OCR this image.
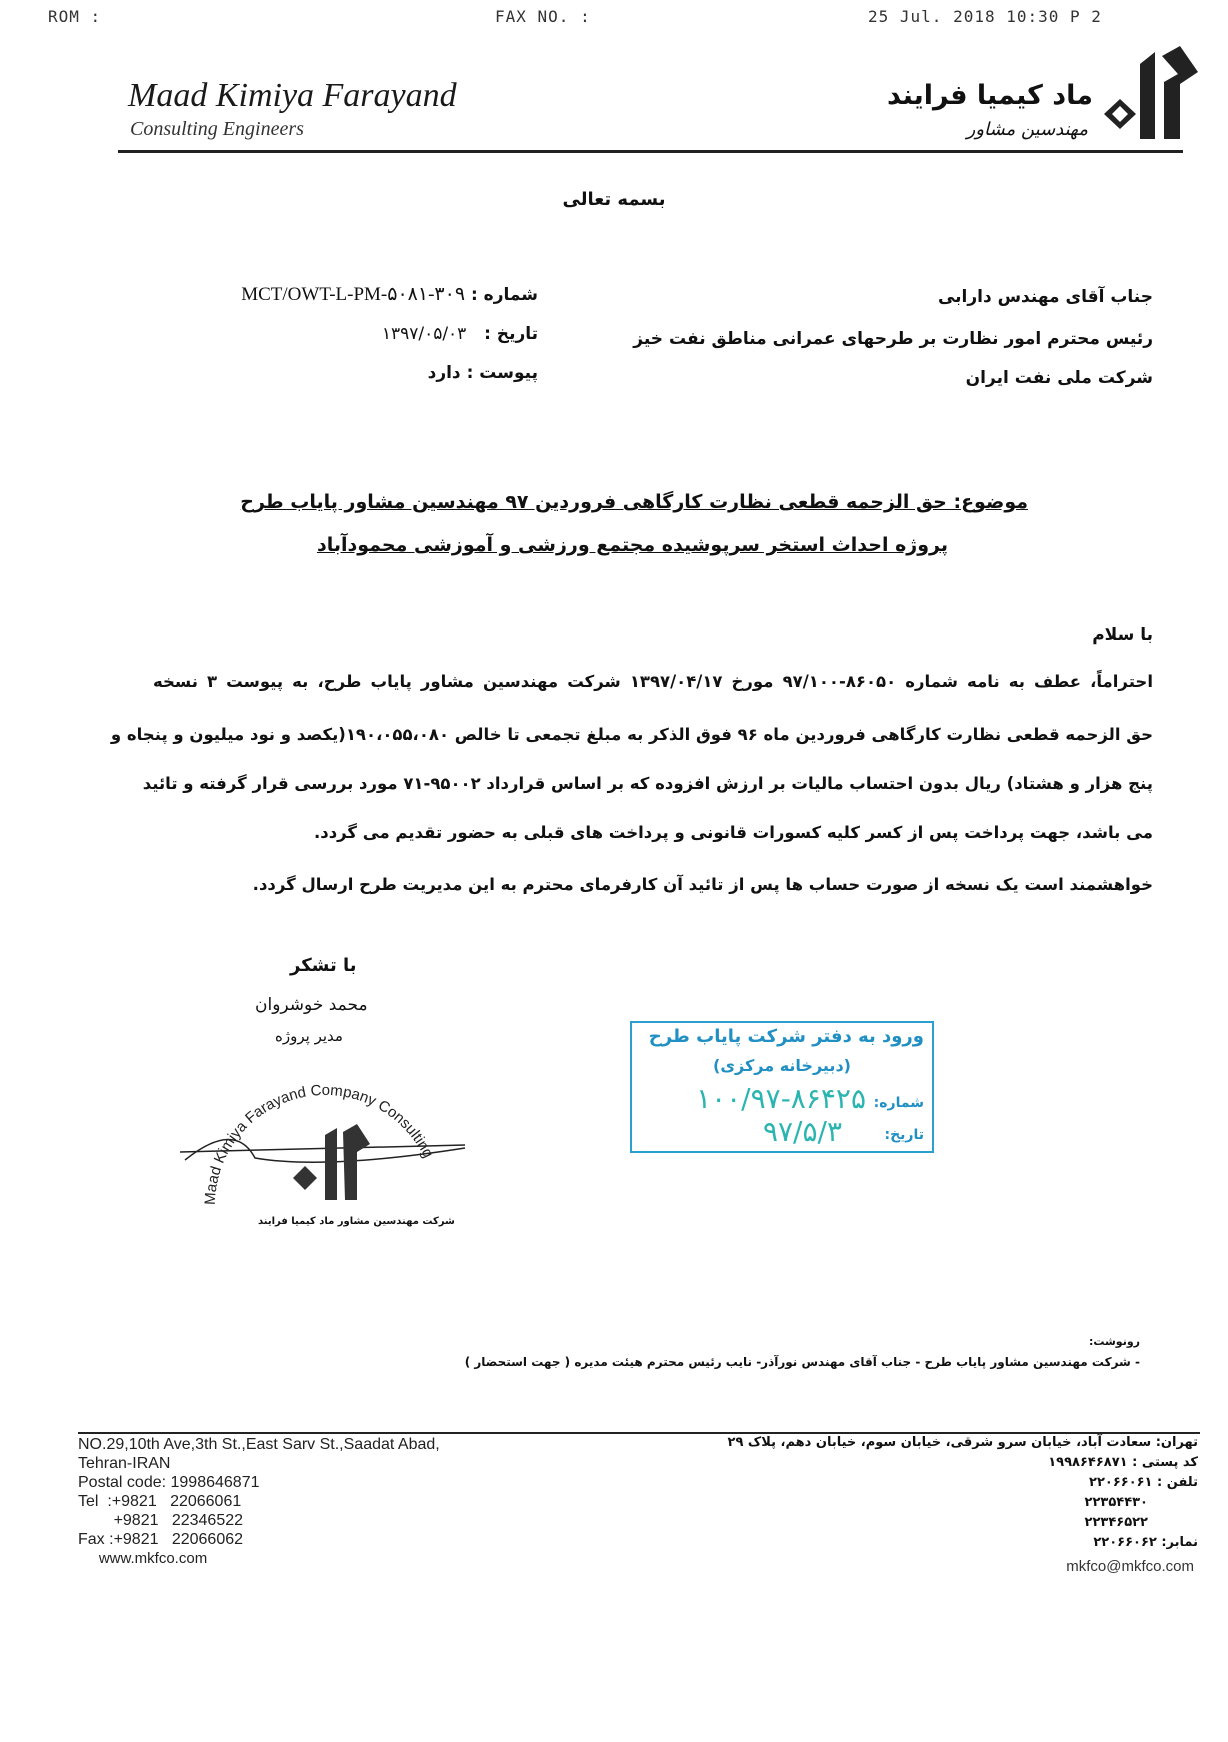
ROM :	FAX NO. :	25 Jul. 2018 10:30 P 2
Maad Kimiya Farayand
Consulting Engineers
ماد کیمیا فرایند
مهندسین مشاور
بسمه تعالی
شماره : ۳۰۹-MCT/OWT-L-PM-۵۰۸۱
تاریخ :   ۱۳۹۷/۰۵/۰۳
پیوست : دارد
جناب آقای مهندس دارابی
رئیس محترم امور نظارت بر طرحهای عمرانی مناطق نفت خیز
شرکت ملی نفت ایران
موضوع: حق الزحمه قطعی نظارت کارگاهی فروردین ۹۷ مهندسین مشاور پایاب طرح
پروژه احداث استخر سرپوشیده مجتمع ورزشی و آموزشی محمودآباد
با سلام
احتراماً، عطف به نامه شماره ۸۶۰۵۰-۹۷/۱۰۰ مورخ ۱۳۹۷/۰۴/۱۷ شرکت مهندسین مشاور پایاب طرح، به پیوست ۳ نسخه
حق الزحمه قطعی نظارت کارگاهی فروردین ماه ۹۶ فوق الذکر به مبلغ تجمعی تا خالص ۱۹۰،۰۵۵،۰۸۰(یکصد و نود میلیون و پنجاه و
پنج هزار و هشتاد) ریال بدون احتساب مالیات بر ارزش افزوده که بر اساس قرارداد ۹۵۰۰۲-۷۱ مورد بررسی قرار گرفته و تائید
می باشد، جهت پرداخت پس از کسر کلیه کسورات قانونی و پرداخت های قبلی به حضور تقدیم می گردد.
خواهشمند است یک نسخه از صورت حساب ها پس از تائید آن کارفرمای محترم به این مدیریت طرح ارسال گردد.
با تشکر
محمد خوشروان
مدیر پروژه
Maad Kimiya Farayand Company Consulting
شرکت مهندسین مشاور ماد کیمیا فرایند
ورود به دفتر شرکت پایاب طرح
(دبیرخانه مرکزی)
شماره:
۱۰۰/۹۷-۸۶۴۲۵
تاریخ:
۹۷/۵/۳
رونوشت:
- شرکت مهندسین مشاور پایاب طرح - جناب آقای مهندس نورآذر- نایب رئیس محترم هیئت مدیره ( جهت استحضار )
NO.29,10th Ave,3th St.,East Sarv St.,Saadat Abad,
Tehran-IRAN
Postal code: 1998646871
Tel  :+9821   22066061
+9821   22346522
Fax :+9821   22066062
www.mkfco.com
تهران: سعادت آباد، خیابان سرو شرقی، خیابان سوم، خیابان دهم، پلاک ۲۹
کد پستی : ۱۹۹۸۶۴۶۸۷۱
تلفن : ۲۲۰۶۶۰۶۱
۲۲۳۵۴۴۳۰
۲۲۳۴۶۵۲۲
نمابر: ۲۲۰۶۶۰۶۲
mkfco@mkfco.com
